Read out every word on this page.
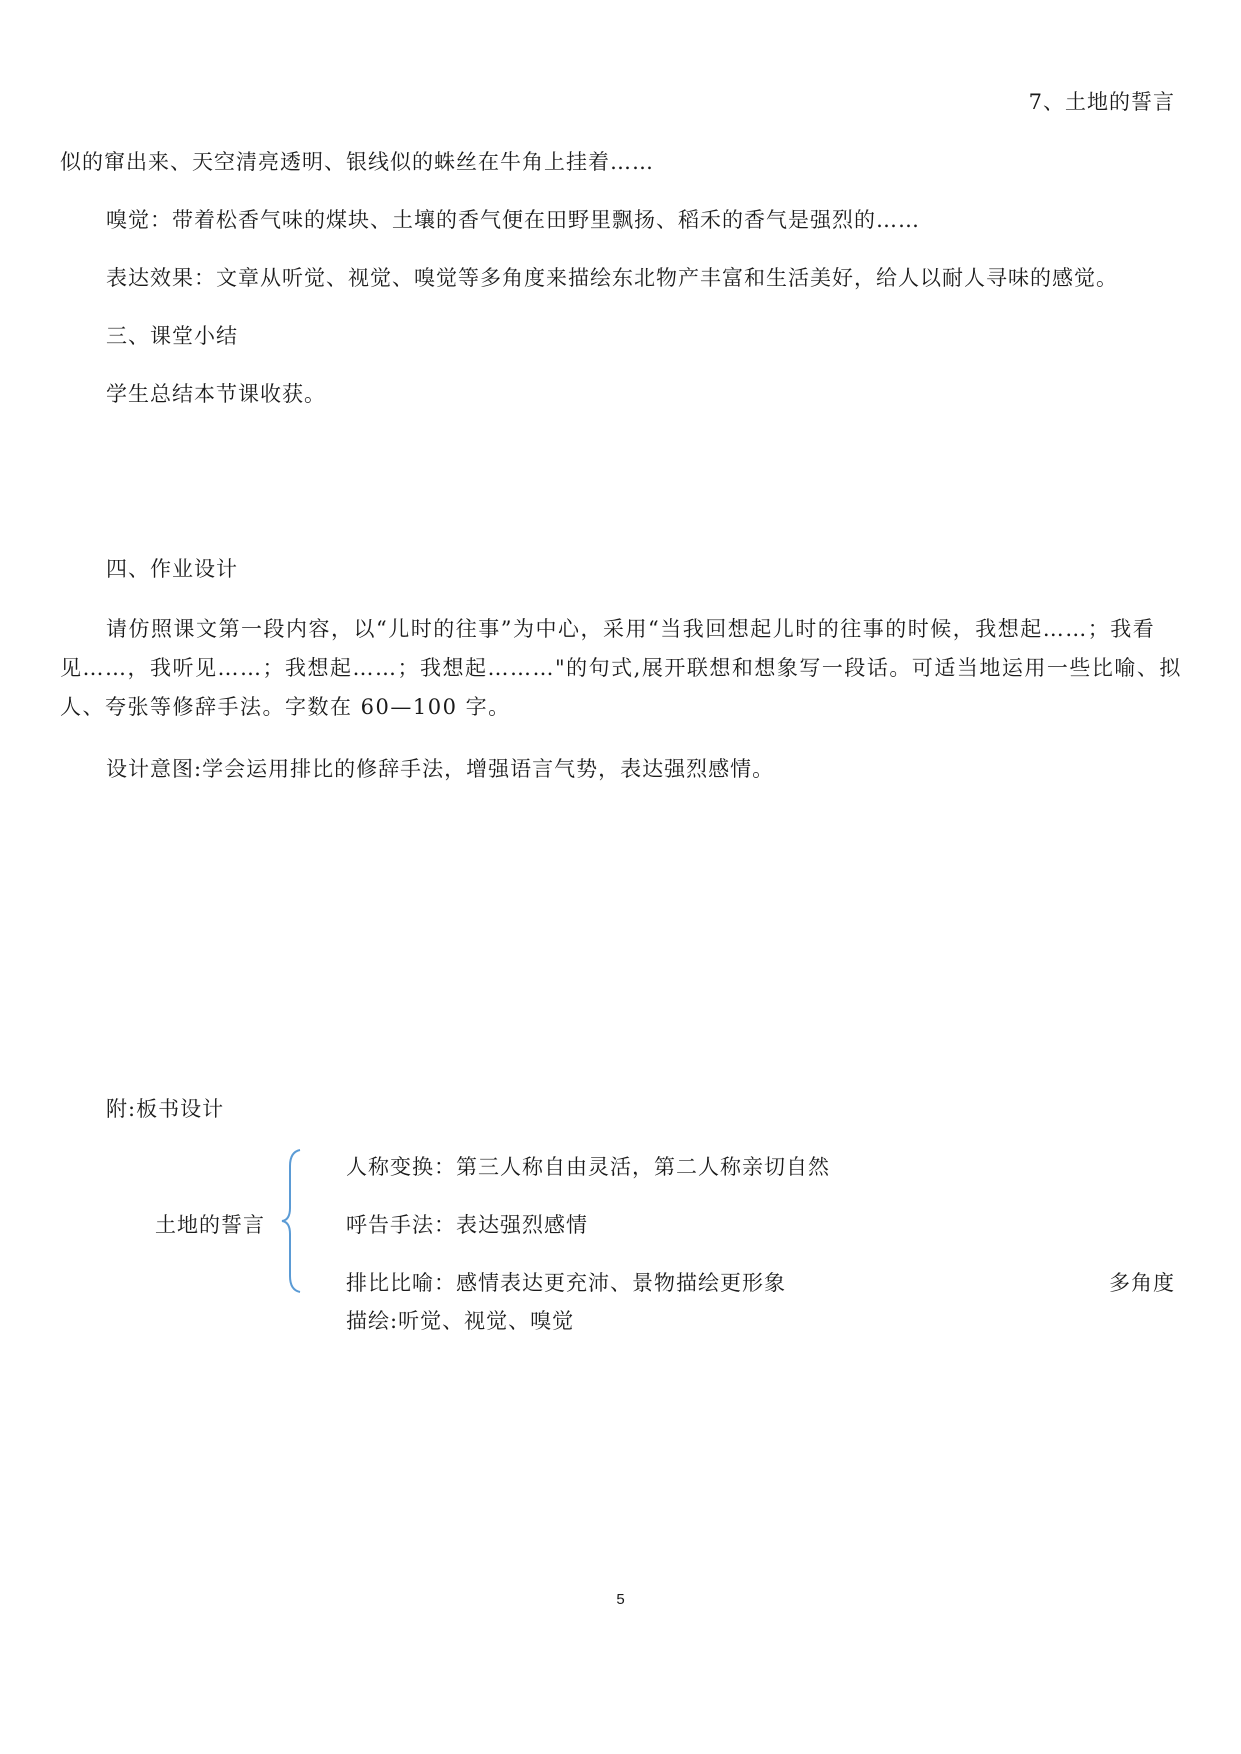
7、土地的誓言
似的窜出来、天空清亮透明、银线似的蛛丝在牛角上挂着……
嗅觉：带着松香气味的煤块、土壤的香气便在田野里飘扬、稻禾的香气是强烈的……
表达效果：文章从听觉、视觉、嗅觉等多角度来描绘东北物产丰富和生活美好，给人以耐人寻味的感觉。
三、课堂小结
学生总结本节课收获。
四、作业设计
请仿照课文第一段内容，以“儿时的往事”为中心，采用“当我回想起儿时的往事的时候，我想起……；我看见……，我听见……；我想起……；我想起………"的句式,展开联想和想象写一段话。可适当地运用一些比喻、拟人、夸张等修辞手法。字数在 60—100 字。
设计意图:学会运用排比的修辞手法，增强语言气势，表达强烈感情。
附:板书设计
土地的誓言
人称变换：第三人称自由灵活，第二人称亲切自然
呼告手法：表达强烈感情
排比比喻：感情表达更充沛、景物描绘更形象	多角度
描绘:听觉、视觉、嗅觉
5
